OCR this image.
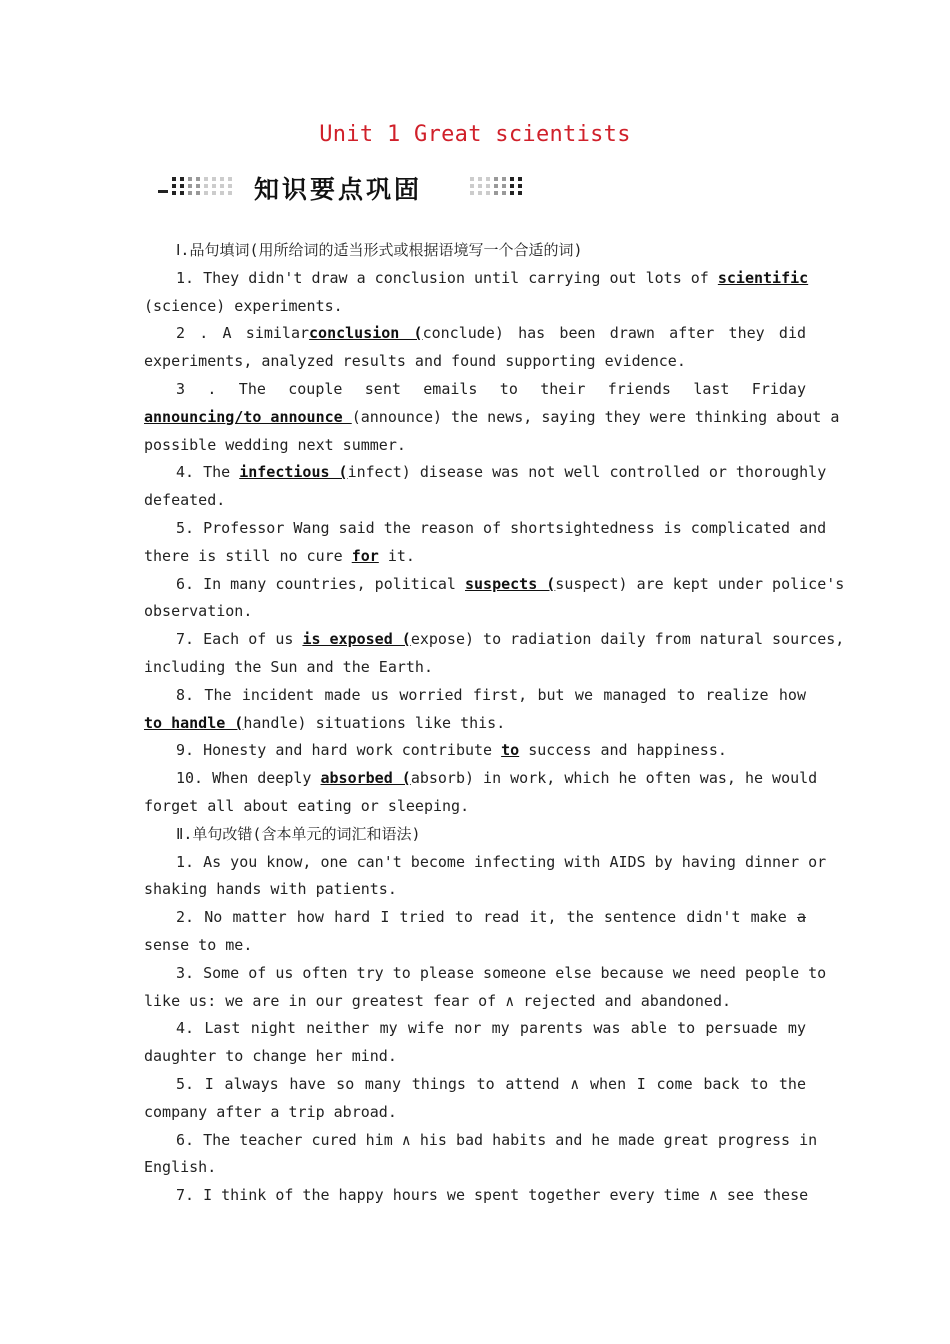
Unit 1 Great scientists
知识要点巩固
Ⅰ.品句填词(用所给词的适当形式或根据语境写一个合适的词)
1. They didn't draw a conclusion until carrying out lots of scientific
(science) experiments.
2 . A similarconclusion (conclude) has been drawn after they did
experiments, analyzed results and found supporting evidence.
3 . The couple sent emails to their friends last Friday
announcing/to announce (announce) the news, saying they were thinking about a
possible wedding next summer.
4. The infectious (infect) disease was not well controlled or thoroughly
defeated.
5. Professor Wang said the reason of shortsightedness is complicated and
there is still no cure for it.
6. In many countries, political suspects (suspect) are kept under police's
observation.
7. Each of us is exposed (expose) to radiation daily from natural sources,
including the Sun and the Earth.
8. The incident made us worried first, but we managed to realize how
to handle (handle) situations like this.
9. Honesty and hard work contribute to success and happiness.
10. When deeply absorbed (absorb) in work, which he often was, he would
forget all about eating or sleeping.
Ⅱ.单句改错(含本单元的词汇和语法)
1. As you know, one can't become infecting with AIDS by having dinner or
shaking hands with patients.
2. No matter how hard I tried to read it, the sentence didn't make a
sense to me.
3. Some of us often try to please someone else because we need people to
like us: we are in our greatest fear of ∧ rejected and abandoned.
4. Last night neither my wife nor my parents was able to persuade my
daughter to change her mind.
5. I always have so many things to attend ∧ when I come back to the
company after a trip abroad.
6. The teacher cured him ∧ his bad habits and he made great progress in
English.
7. I think of the happy hours we spent together every time ∧ see these
